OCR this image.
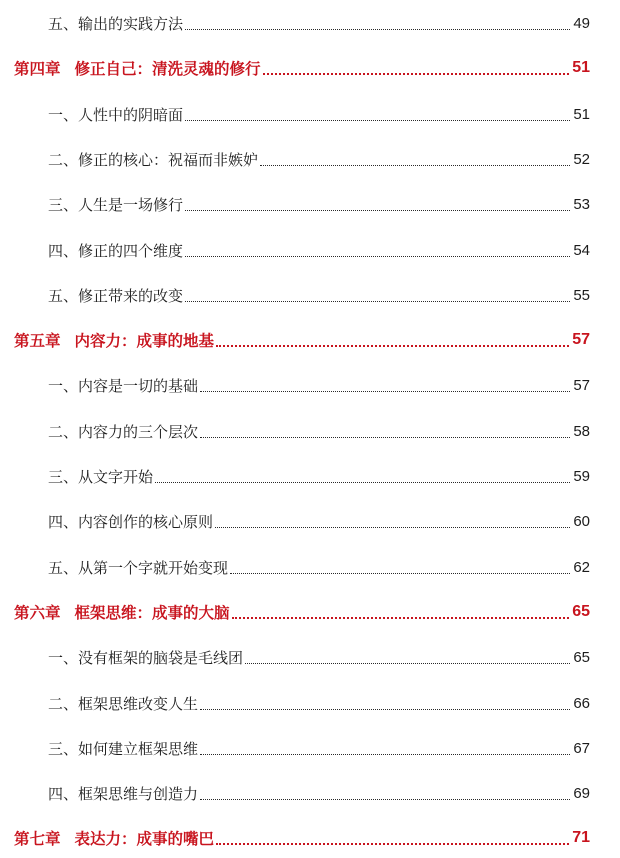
五、输出的实践方法	49
第四章 修正自己：清洗灵魂的修行	51
一、人性中的阴暗面	51
二、修正的核心：祝福而非嫉妒	52
三、人生是一场修行	53
四、修正的四个维度	54
五、修正带来的改变	55
第五章 内容力：成事的地基	57
一、内容是一切的基础	57
二、内容力的三个层次	58
三、从文字开始	59
四、内容创作的核心原则	60
五、从第一个字就开始变现	62
第六章 框架思维：成事的大脑	65
一、没有框架的脑袋是毛线团	65
二、框架思维改变人生	66
三、如何建立框架思维	67
四、框架思维与创造力	69
第七章 表达力：成事的嘴巴	71
